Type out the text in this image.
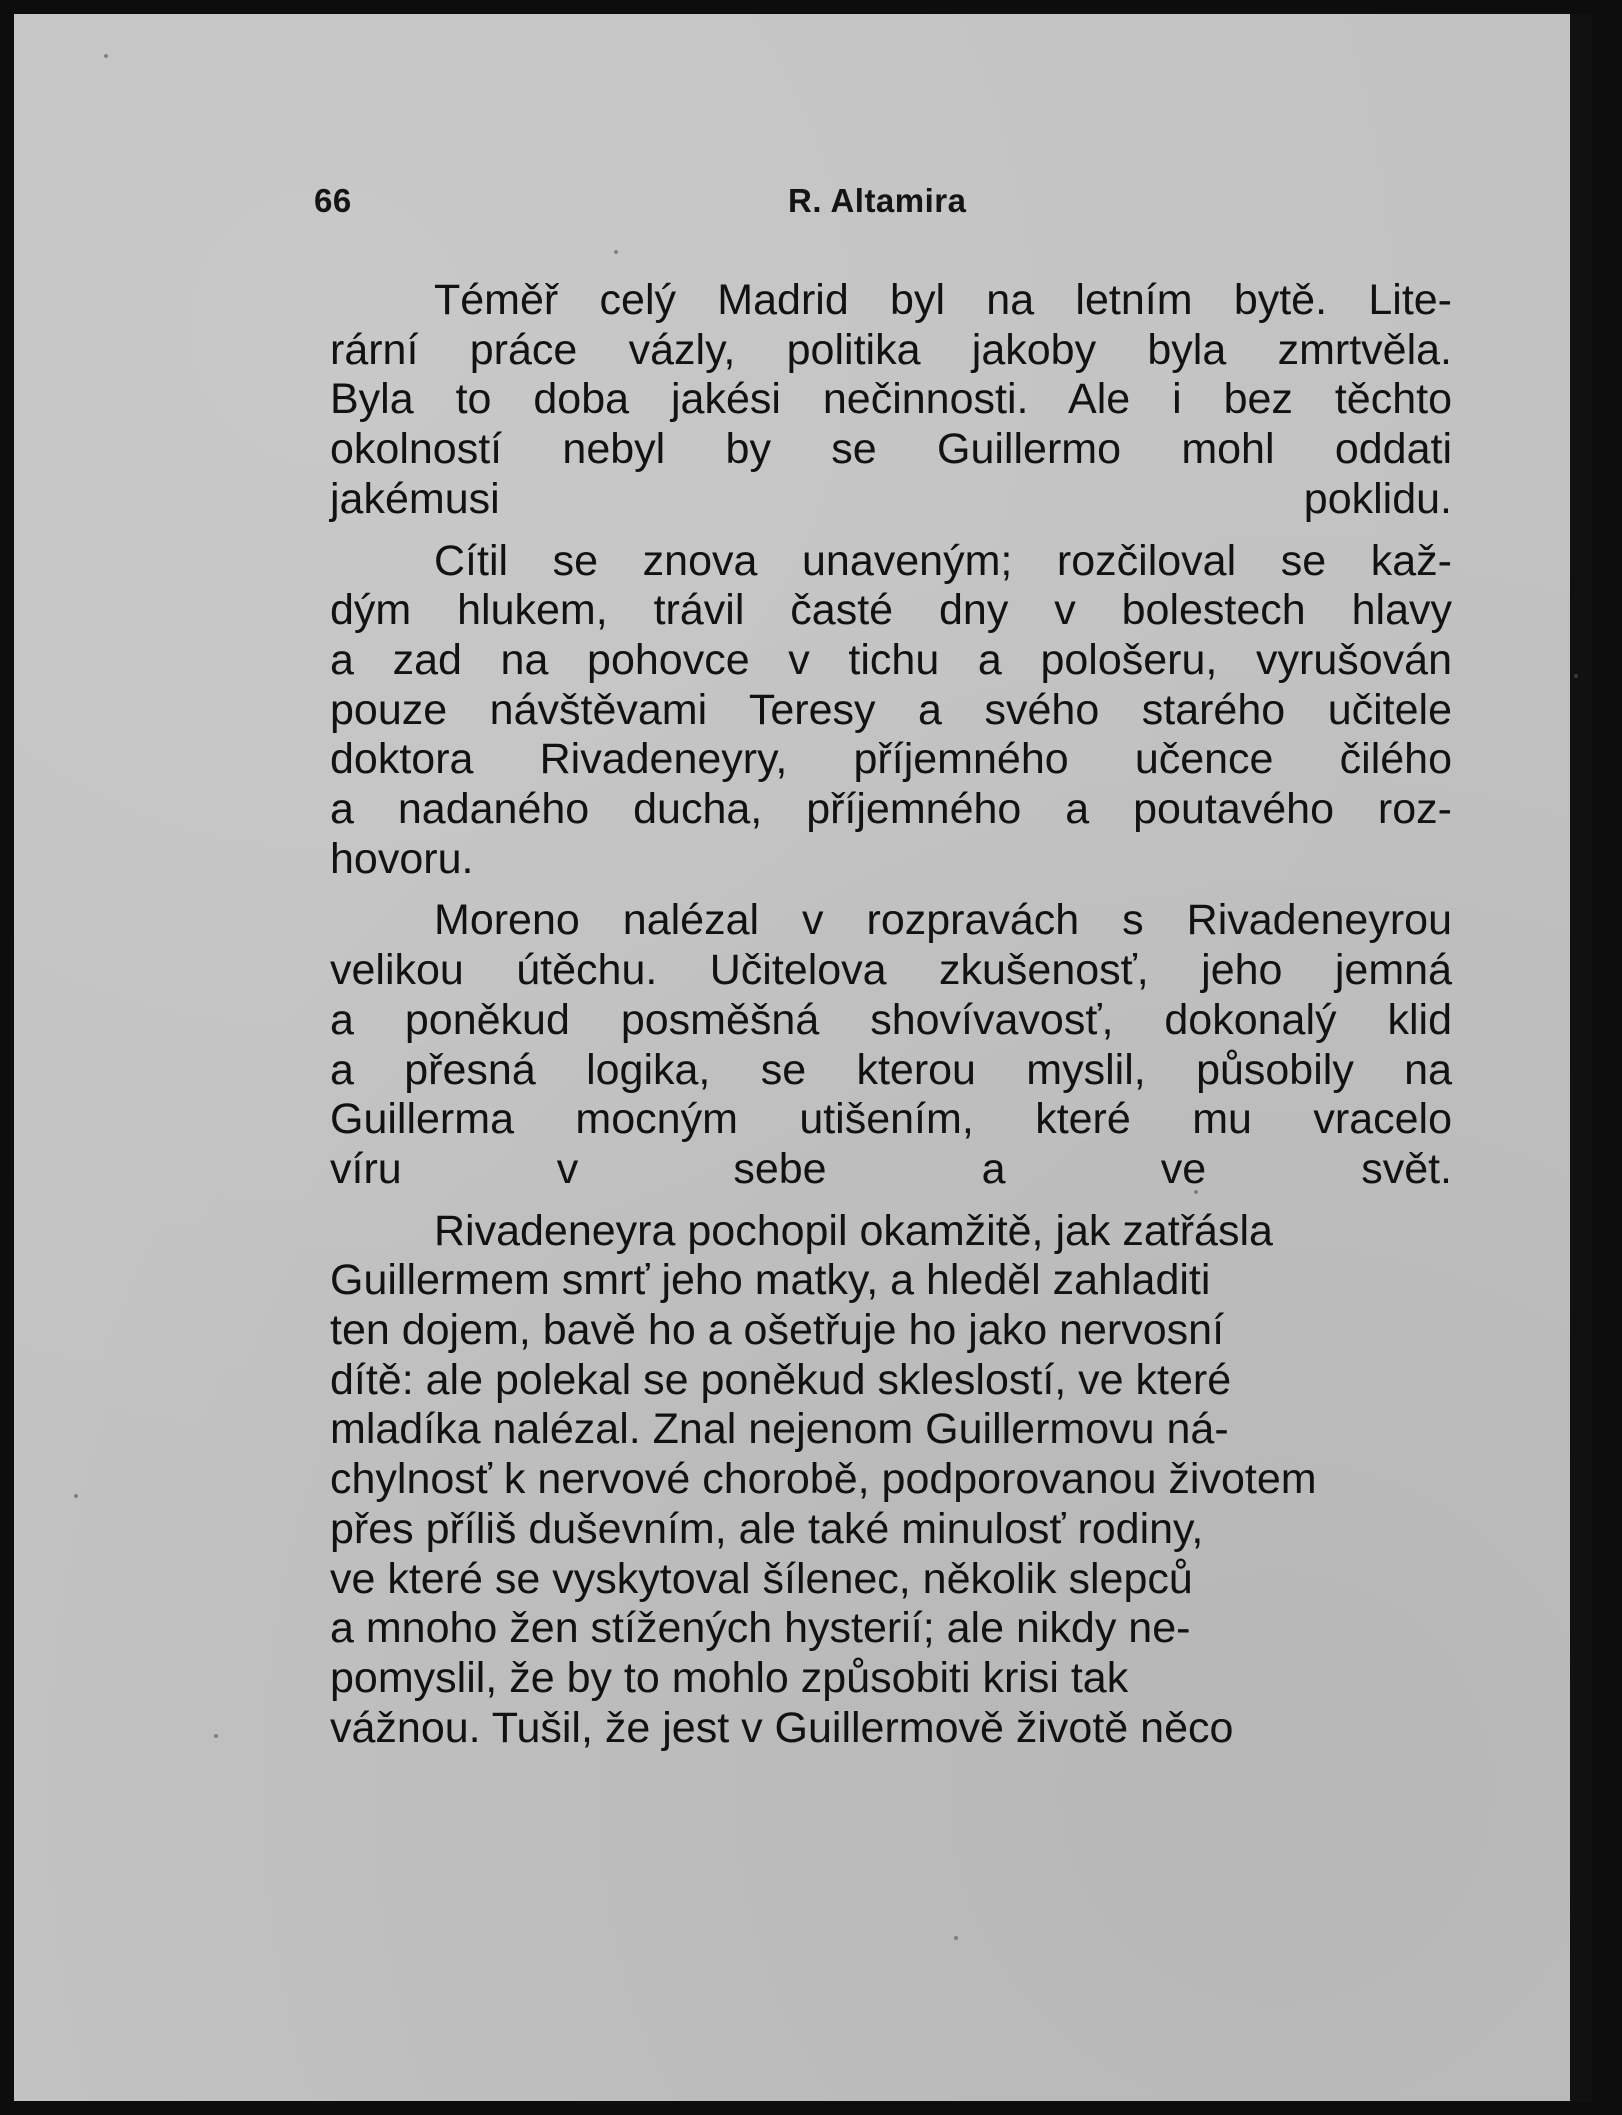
66	R. Altamira

Téměř celý Madrid byl na letním bytě. Lite-
rární práce vázly, politika jakoby byla zmrtvěla.
Byla to doba jakési nečinnosti. Ale i bez těchto
okolností nebyl by se Guillermo mohl oddati
jakémusi poklidu.

Cítil se znova unaveným; rozčiloval se kaž-
dým hlukem, trávil časté dny v bolestech hlavy
a zad na pohovce v tichu a pološeru, vyrušován
pouze návštěvami Teresy a svého starého učitele
doktora Rivadeneyry, příjemného učence čilého
a nadaného ducha, příjemného a poutavého roz-
hovoru.

Moreno nalézal v rozpravách s Rivadeneyrou
velikou útěchu. Učitelova zkušenosť, jeho jemná
a poněkud posměšná shovívavosť, dokonalý klid
a přesná logika, se kterou myslil, působily na
Guillerma mocným utišením, které mu vracelo
víru v sebe a ve svět.

Rivadeneyra pochopil okamžitě, jak zatřásla
Guillermem smrť jeho matky, a hleděl zahladiti
ten dojem, bavě ho a ošetřuje ho jako nervosní
dítě: ale polekal se poněkud skleslostí, ve které
mladíka nalézal. Znal nejenom Guillermovu ná-
chylnosť k nervové chorobě, podporovanou životem
přes příliš duševním, ale také minulosť rodiny,
ve které se vyskytoval šílenec, několik slepců
a mnoho žen stížených hysterií; ale nikdy ne-
pomyslil, že by to mohlo způsobiti krisi tak
vážnou. Tušil, že jest v Guillermově životě něco
